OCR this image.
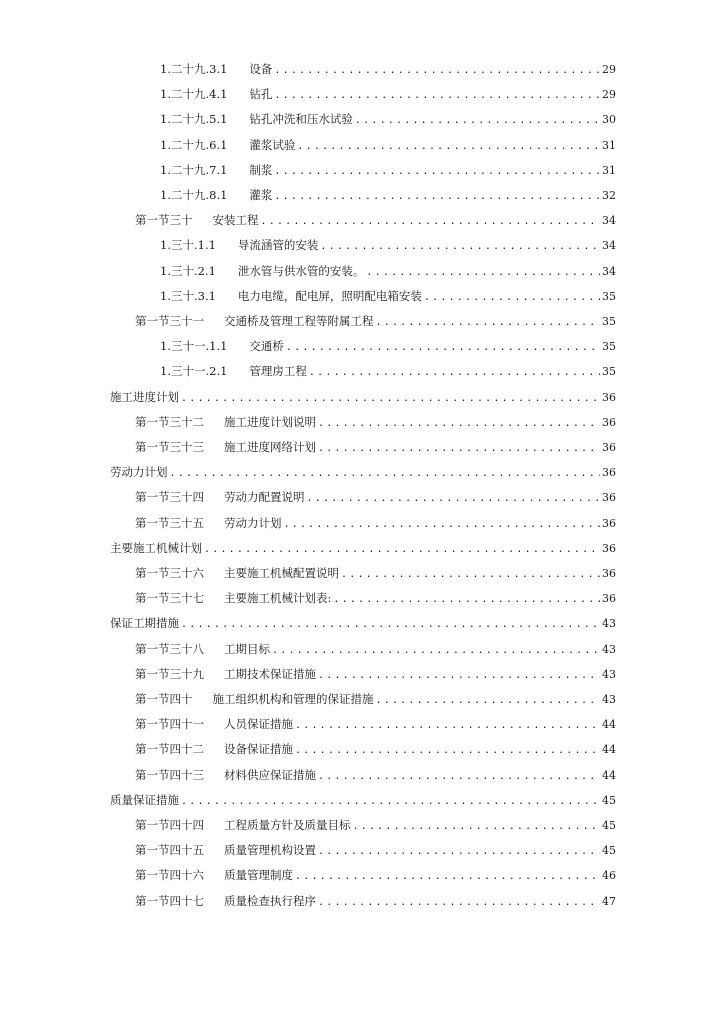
1.二十九.3.1 设备 .....	29
1.二十九.4.1 钻孔 .....	29
1.二十九.5.1 钻孔冲洗和压水试验 .....	30
1.二十九.6.1 灌浆试验 .....	31
1.二十九.7.1 制浆 .....	31
1.二十九.8.1 灌浆 .....	32
第一节三十 安装工程 .....	34
1.三十.1.1 导流涵管的安装 .....	34
1.三十.2.1 泄水管与供水管的安装。 .....	34
1.三十.3.1 电力电缆，配电屏，照明配电箱安装 .....	35
第一节三十一 交通桥及管理工程等附属工程 .....	35
1.三十一.1.1 交通桥 .....	35
1.三十一.2.1 管理房工程 .....	35
施工进度计划 .....	36
第一节三十二 施工进度计划说明 .....	36
第一节三十三 施工进度网络计划 .....	36
劳动力计划 .....	36
第一节三十四 劳动力配置说明 .....	36
第一节三十五 劳动力计划 .....	36
主要施工机械计划 .....	36
第一节三十六 主要施工机械配置说明 .....	36
第一节三十七 主要施工机械计划表: .....	36
保证工期措施 .....	43
第一节三十八 工期目标 .....	43
第一节三十九 工期技术保证措施 .....	43
第一节四十 施工组织机构和管理的保证措施 .....	43
第一节四十一 人员保证措施 .....	44
第一节四十二 设备保证措施 .....	44
第一节四十三 材料供应保证措施 .....	44
质量保证措施 .....	45
第一节四十四 工程质量方针及质量目标 .....	45
第一节四十五 质量管理机构设置 .....	45
第一节四十六 质量管理制度 .....	46
第一节四十七 质量检查执行程序 .....	47
